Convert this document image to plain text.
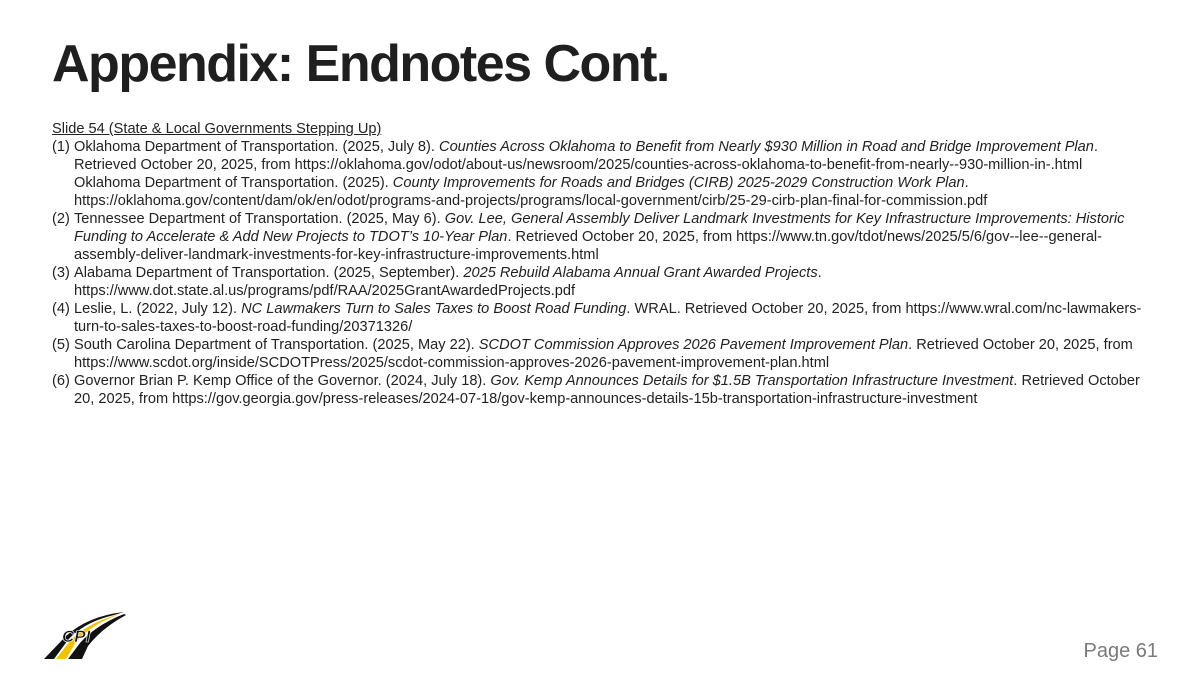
Appendix: Endnotes Cont.
Slide 54 (State & Local Governments Stepping Up)
(1) Oklahoma Department of Transportation. (2025, July 8). Counties Across Oklahoma to Benefit from Nearly $930 Million in Road and Bridge Improvement Plan. Retrieved October 20, 2025, from https://oklahoma.gov/odot/about-us/newsroom/2025/counties-across-oklahoma-to-benefit-from-nearly--930-million-in-.html

Oklahoma Department of Transportation. (2025). County Improvements for Roads and Bridges (CIRB) 2025-2029 Construction Work Plan. https://oklahoma.gov/content/dam/ok/en/odot/programs-and-projects/programs/local-government/cirb/25-29-cirb-plan-final-for-commission.pdf

(2) Tennessee Department of Transportation. (2025, May 6). Gov. Lee, General Assembly Deliver Landmark Investments for Key Infrastructure Improvements: Historic Funding to Accelerate & Add New Projects to TDOT’s 10-Year Plan. Retrieved October 20, 2025, from https://www.tn.gov/tdot/news/2025/5/6/gov--lee--general-assembly-deliver-landmark-investments-for-key-infrastructure-improvements.html

(3) Alabama Department of Transportation. (2025, September). 2025 Rebuild Alabama Annual Grant Awarded Projects. https://www.dot.state.al.us/programs/pdf/RAA/2025GrantAwardedProjects.pdf

(4) Leslie, L. (2022, July 12). NC Lawmakers Turn to Sales Taxes to Boost Road Funding. WRAL. Retrieved October 20, 2025, from https://www.wral.com/nc-lawmakers-turn-to-sales-taxes-to-boost-road-funding/20371326/

(5) South Carolina Department of Transportation. (2025, May 22). SCDOT Commission Approves 2026 Pavement Improvement Plan. Retrieved October 20, 2025, from https://www.scdot.org/inside/SCDOTPress/2025/scdot-commission-approves-2026-pavement-improvement-plan.html

(6) Governor Brian P. Kemp Office of the Governor. (2024, July 18). Gov. Kemp Announces Details for $1.5B Transportation Infrastructure Investment. Retrieved October 20, 2025, from https://gov.georgia.gov/press-releases/2024-07-18/gov-kemp-announces-details-15b-transportation-infrastructure-investment

CPI
Page 61
